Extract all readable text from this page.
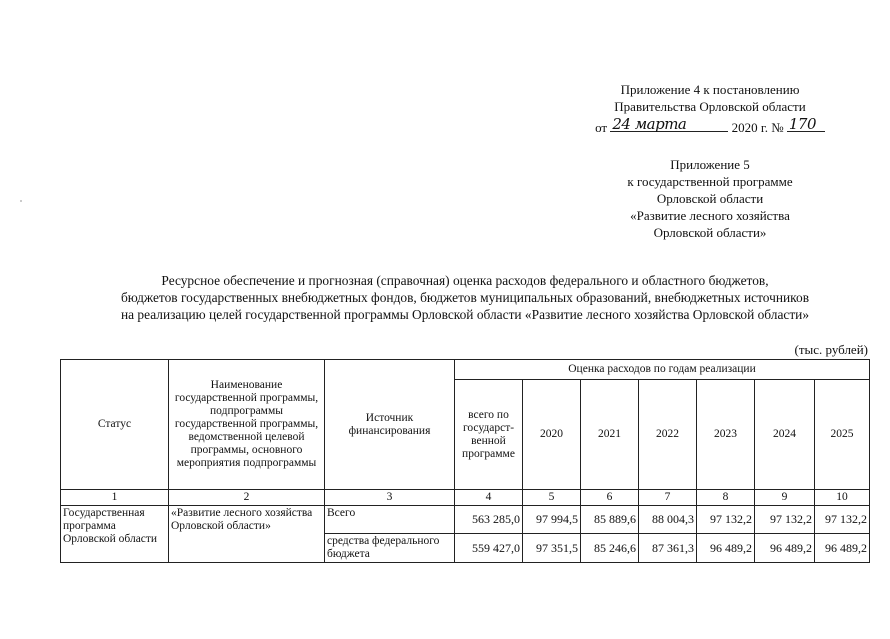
Приложение 4 к постановлению
Правительства Орловской области
от 24 марта	2020 г. № 170
Приложение 5
к государственной программе
Орловской области
«Развитие лесного хозяйства
Орловской области»
Ресурсное обеспечение и прогнозная (справочная) оценка расходов федерального и областного бюджетов,
бюджетов государственных внебюджетных фондов, бюджетов муниципальных образований, внебюджетных источников
на реализацию целей государственной программы Орловской области «Развитие лесного хозяйства Орловской области»
(тыс. рублей)
Статус	Наименование государственной программы, подпрограммы государственной программы, ведомственной целевой программы, основного мероприятия подпрограммы	Источник финансирования	Оценка расходов по годам реализации						
			всего по государст-венной программе	2020	2021	2022	2023	2024	2025
1	2	3	4	5	6	7	8	9	10
Государственная программа Орловской области	«Развитие лесного хозяйства Орловской области»	Всего	563 285,0	97 994,5	85 889,6	88 004,3	97 132,2	97 132,2	97 132,2
		средства федерального бюджета	559 427,0	97 351,5	85 246,6	87 361,3	96 489,2	96 489,2	96 489,2
